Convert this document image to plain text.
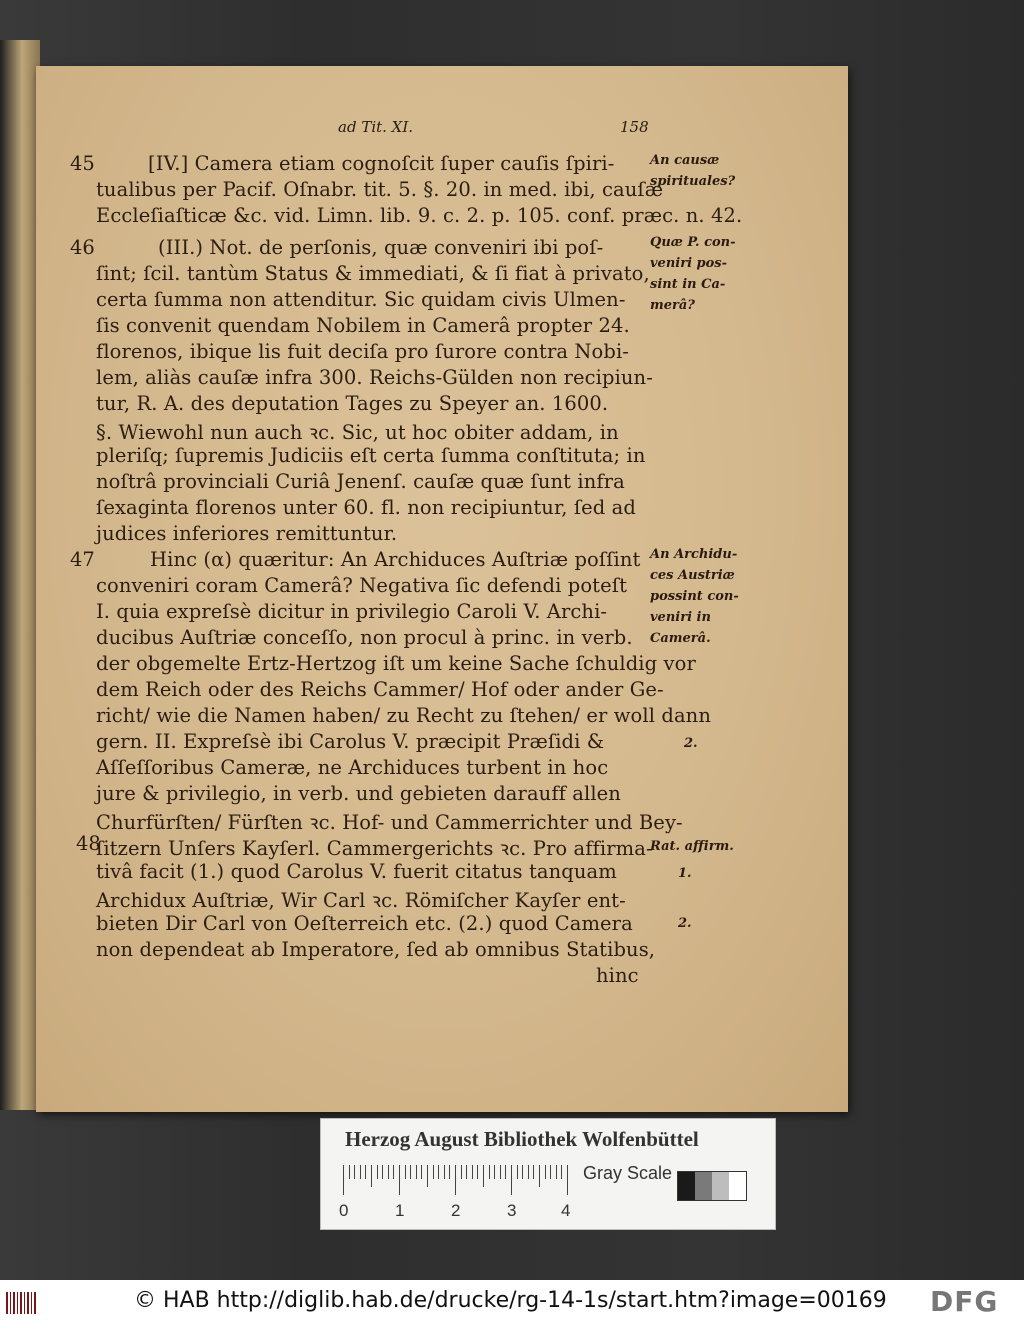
ad Tit. XI.	158
[IV.] Camera etiam cognoſcit ſuper cauſis ſpiri-
tualibus per Pacif. Oſnabr. tit. 5. §. 20. in med. ibi, cauſæ
Eccleſiaſticæ &c. vid. Limn. lib. 9. c. 2. p. 105. conf. præc. n. 42.
(III.) Not. de perſonis, quæ conveniri ibi poſ-
ſint; ſcil. tantùm Status & immediati, & ſi fiat à privato,
certa ſumma non attenditur. Sic quidam civis Ulmen-
ſis convenit quendam Nobilem in Camerâ propter 24.
florenos, ibique lis fuit deciſa pro ſurore contra Nobi-
lem, aliàs cauſæ infra 300. Reichs-Gülden non recipiun-
tur, R. A. des deputation Tages zu Speyer an. 1600.
§. Wiewohl nun auch ꝛc. Sic, ut hoc obiter addam, in
pleriſq; ſupremis Judiciis eſt certa ſumma conſtituta; in
noſtrâ provinciali Curiâ Jenenſ. cauſæ quæ ſunt infra
ſexaginta florenos unter 60. fl. non recipiuntur, ſed ad
judices inferiores remittuntur.
Hinc (α) quæritur: An Archiduces Auſtriæ poſſint
conveniri coram Camerâ? Negativa ſic defendi poteſt
I. quia expreſsè dicitur in privilegio Caroli V. Archi-
ducibus Auſtriæ conceſſo, non procul à princ. in verb.
der obgemelte Ertz-Hertzog iſt um keine Sache ſchuldig vor
dem Reich oder des Reichs Cammer/ Hof oder ander Ge-
richt/ wie die Namen haben/ zu Recht zu ſtehen/ er woll dann
gern. II. Expreſsè ibi Carolus V. præcipit Præſidi &
Aſſeſſoribus Cameræ, ne Archiduces turbent in hoc
jure & privilegio, in verb. und gebieten darauff allen
Churfürſten/ Fürſten ꝛc. Hof- und Cammerrichter und Bey-
ſitzern Unſers Kayſerl. Cammergerichts ꝛc. Pro affirma-
tivâ facit (1.) quod Carolus V. fuerit citatus tanquam
Archidux Auſtriæ, Wir Carl ꝛc. Römiſcher Kayſer ent-
bieten Dir Carl von Oeſterreich etc. (2.) quod Camera
non dependeat ab Imperatore, ſed ab omnibus Statibus,
hinc
45
46
47
48
An causæ
spirituales?
Quæ P. con-
veniri pos-
sint in Ca-
merâ?
An Archidu-
ces Austriæ
possint con-
veniri in
Camerâ.
Rat. affirm.
2.
1.
2.
Herzog August Bibliothek Wolfenbüttel
0	1	2	3	4
Gray Scale
© HAB http://diglib.hab.de/drucke/rg-14-1s/start.htm?image=00169 DFG
